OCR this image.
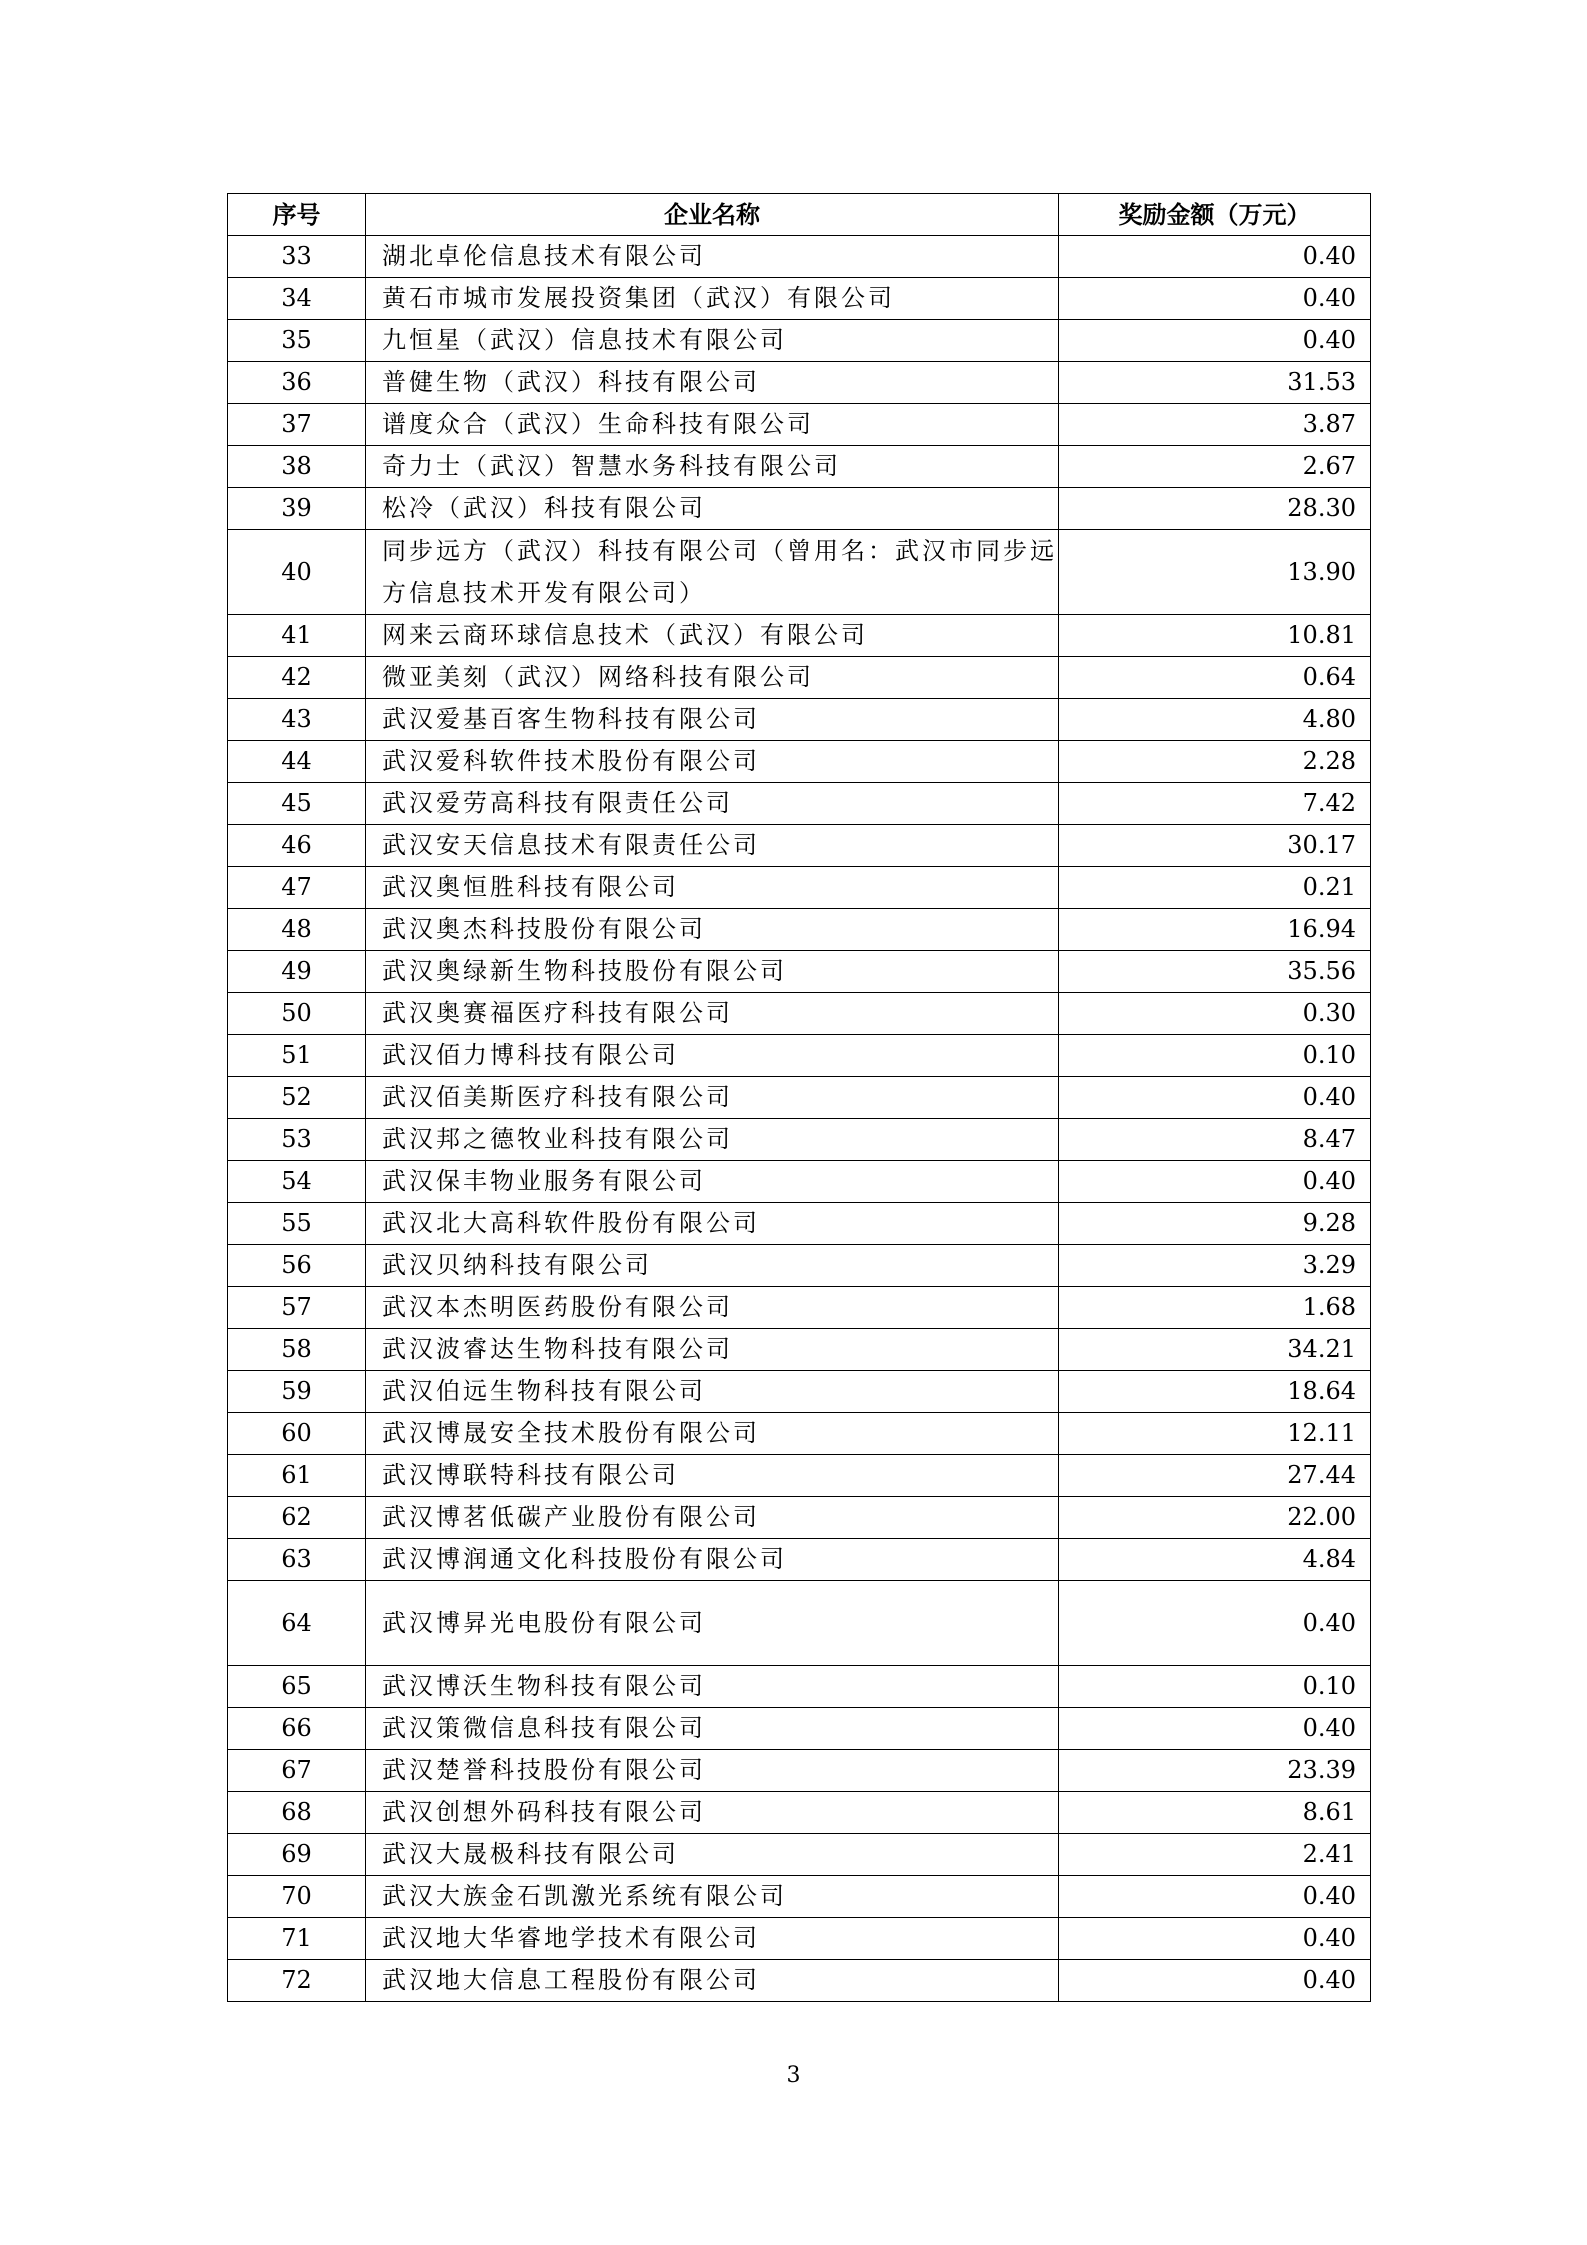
序号	企业名称	奖励金额（万元）
33	湖北卓伦信息技术有限公司	0.40
34	黄石市城市发展投资集团（武汉）有限公司	0.40
35	九恒星（武汉）信息技术有限公司	0.40
36	普健生物（武汉）科技有限公司	31.53
37	谱度众合（武汉）生命科技有限公司	3.87
38	奇力士（武汉）智慧水务科技有限公司	2.67
39	松冷（武汉）科技有限公司	28.30
40	同步远方（武汉）科技有限公司（曾用名：武汉市同步远方信息技术开发有限公司）	13.90
41	网来云商环球信息技术（武汉）有限公司	10.81
42	微亚美刻（武汉）网络科技有限公司	0.64
43	武汉爱基百客生物科技有限公司	4.80
44	武汉爱科软件技术股份有限公司	2.28
45	武汉爱劳高科技有限责任公司	7.42
46	武汉安天信息技术有限责任公司	30.17
47	武汉奥恒胜科技有限公司	0.21
48	武汉奥杰科技股份有限公司	16.94
49	武汉奥绿新生物科技股份有限公司	35.56
50	武汉奥赛福医疗科技有限公司	0.30
51	武汉佰力博科技有限公司	0.10
52	武汉佰美斯医疗科技有限公司	0.40
53	武汉邦之德牧业科技有限公司	8.47
54	武汉保丰物业服务有限公司	0.40
55	武汉北大高科软件股份有限公司	9.28
56	武汉贝纳科技有限公司	3.29
57	武汉本杰明医药股份有限公司	1.68
58	武汉波睿达生物科技有限公司	34.21
59	武汉伯远生物科技有限公司	18.64
60	武汉博晟安全技术股份有限公司	12.11
61	武汉博联特科技有限公司	27.44
62	武汉博茗低碳产业股份有限公司	22.00
63	武汉博润通文化科技股份有限公司	4.84
64	武汉博昇光电股份有限公司	0.40
65	武汉博沃生物科技有限公司	0.10
66	武汉策微信息科技有限公司	0.40
67	武汉楚誉科技股份有限公司	23.39
68	武汉创想外码科技有限公司	8.61
69	武汉大晟极科技有限公司	2.41
70	武汉大族金石凯激光系统有限公司	0.40
71	武汉地大华睿地学技术有限公司	0.40
72	武汉地大信息工程股份有限公司	0.40
3
